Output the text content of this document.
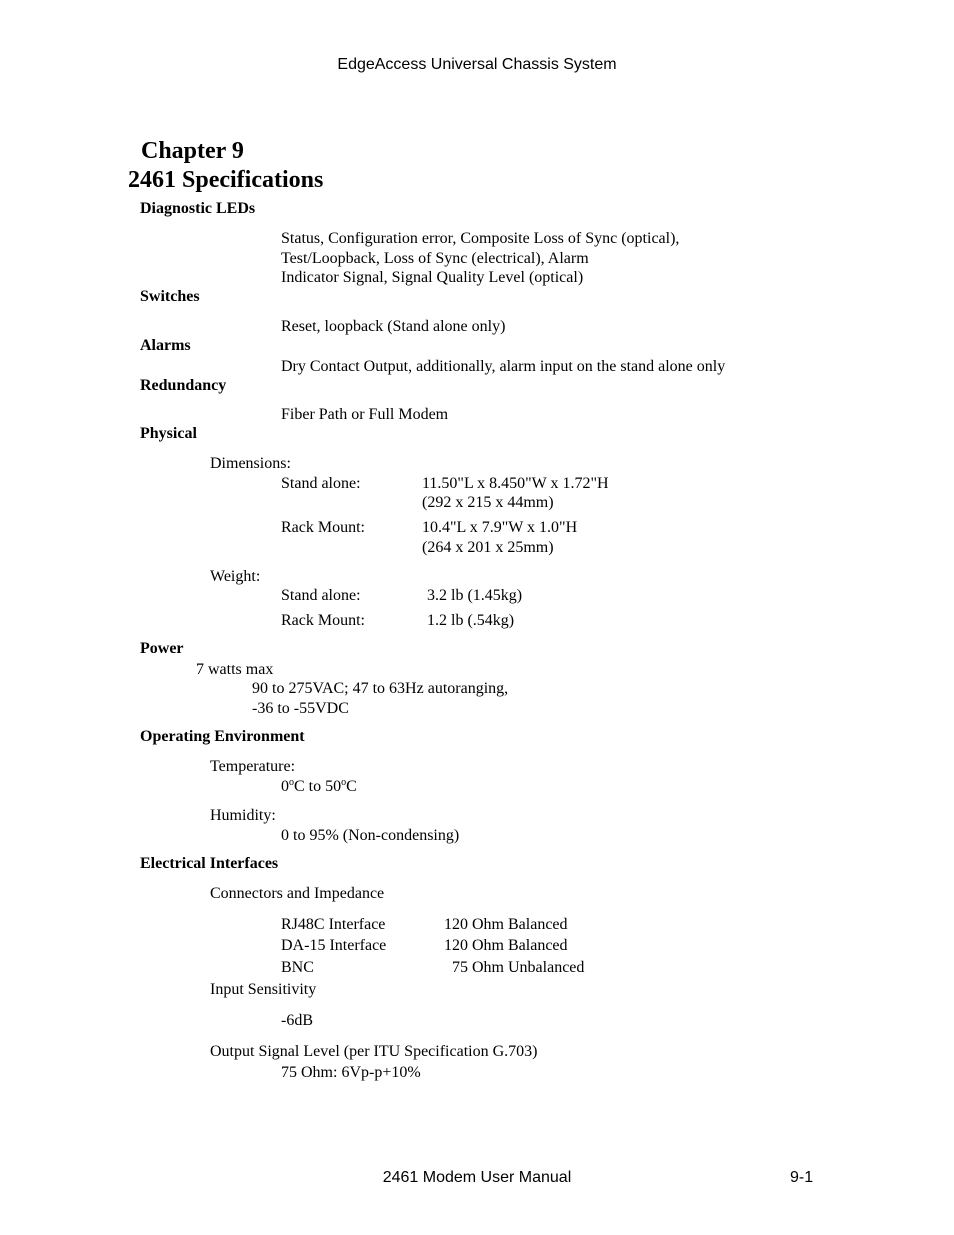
EdgeAccess Universal Chassis System
Chapter 9
2461 Specifications
Diagnostic LEDs
Status, Configuration error, Composite Loss of Sync (optical),
Test/Loopback, Loss of Sync (electrical), Alarm
Indicator Signal, Signal Quality Level (optical)
Switches
Reset, loopback (Stand alone only)
Alarms
Dry Contact Output, additionally, alarm input on the stand alone only
Redundancy
Fiber Path or Full Modem
Physical
Dimensions:
Stand alone:	11.50"L x 8.450"W x 1.72"H
(292 x 215 x 44mm)
Rack Mount:	10.4"L x 7.9"W x 1.0"H
(264 x 201 x 25mm)
Weight:
Stand alone:	3.2 lb (1.45kg)
Rack Mount:	1.2 lb (.54kg)
Power
7 watts max
90 to 275VAC; 47 to 63Hz autoranging,
-36 to -55VDC
Operating Environment
Temperature:
0$^o$C to 50$^o$C
Humidity:
0 to 95% (Non-condensing)
Electrical Interfaces
Connectors and Impedance
RJ48C Interface	120 Ohm Balanced
DA-15 Interface	120 Ohm Balanced
BNC	75 Ohm Unbalanced
Input Sensitivity
-6dB
Output Signal Level (per ITU Specification G.703)
75 Ohm: 6Vp-p+10%
2461 Modem User Manual	9-1
